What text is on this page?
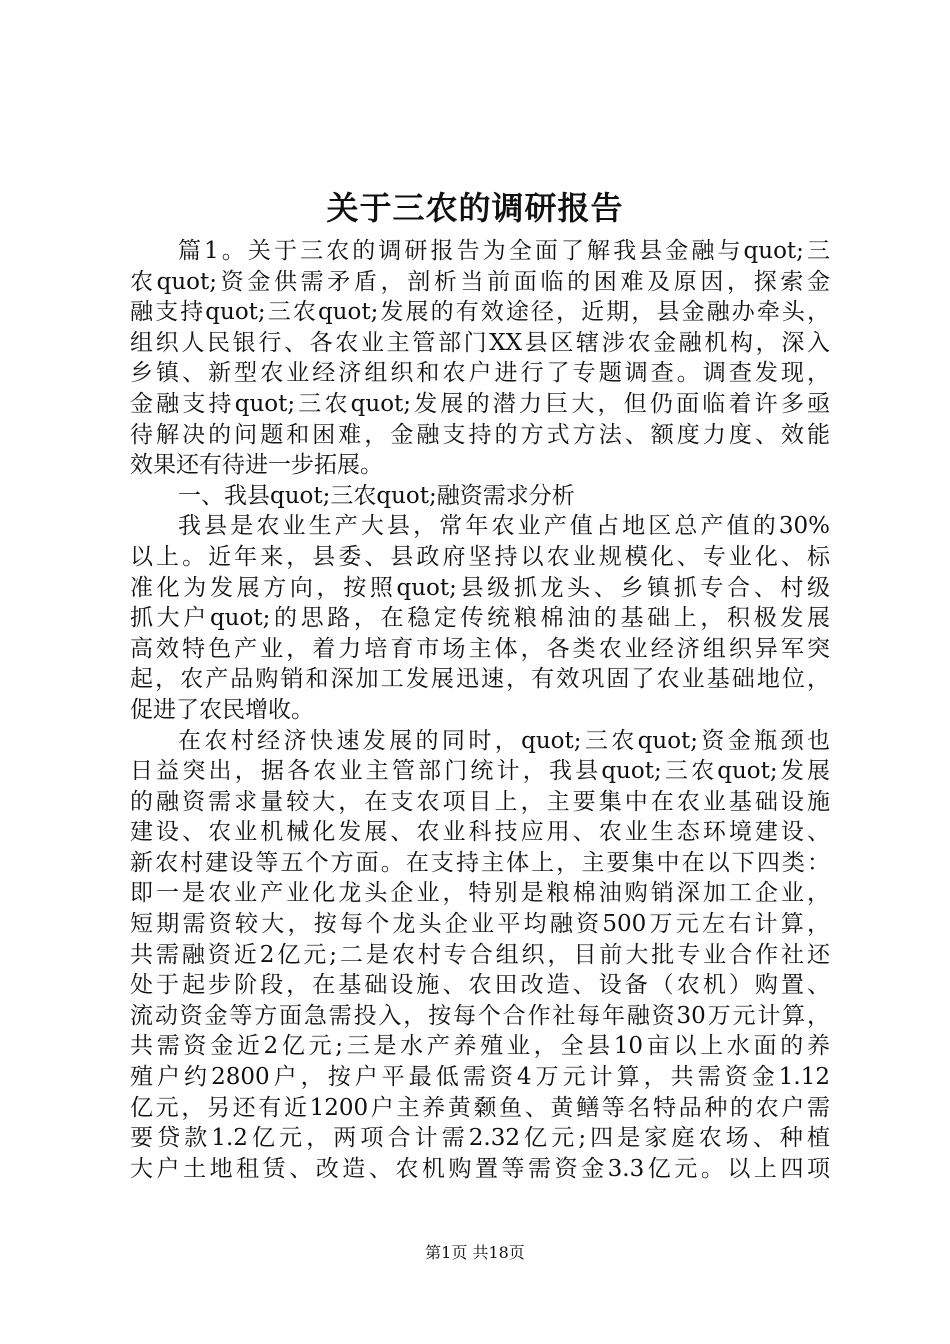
关于三农的调研报告
篇1。关于三农的调研报告为全面了解我县金融与quot;三
农quot;资金供需矛盾，剖析当前面临的困难及原因，探索金
融支持quot;三农quot;发展的有效途径，近期，县金融办牵头，
组织人民银行、各农业主管部门XX县区辖涉农金融机构，深入
乡镇、新型农业经济组织和农户进行了专题调查。调查发现，
金融支持quot;三农quot;发展的潜力巨大，但仍面临着许多亟
待解决的问题和困难，金融支持的方式方法、额度力度、效能
效果还有待进一步拓展。
一、我县quot;三农quot;融资需求分析
我县是农业生产大县，常年农业产值占地区总产值的30%
以上。近年来，县委、县政府坚持以农业规模化、专业化、标
准化为发展方向，按照quot;县级抓龙头、乡镇抓专合、村级
抓大户quot;的思路，在稳定传统粮棉油的基础上，积极发展
高效特色产业，着力培育市场主体，各类农业经济组织异军突
起，农产品购销和深加工发展迅速，有效巩固了农业基础地位，
促进了农民增收。
在农村经济快速发展的同时，quot;三农quot;资金瓶颈也
日益突出，据各农业主管部门统计，我县quot;三农quot;发展
的融资需求量较大，在支农项目上，主要集中在农业基础设施
建设、农业机械化发展、农业科技应用、农业生态环境建设、
新农村建设等五个方面。在支持主体上，主要集中在以下四类：
即一是农业产业化龙头企业，特别是粮棉油购销深加工企业，
短期需资较大，按每个龙头企业平均融资500万元左右计算，
共需融资近2亿元;二是农村专合组织，目前大批专业合作社还
处于起步阶段，在基础设施、农田改造、设备（农机）购置、
流动资金等方面急需投入，按每个合作社每年融资30万元计算，
共需资金近2亿元;三是水产养殖业，全县10亩以上水面的养
殖户约2800户，按户平最低需资4万元计算，共需资金1.12
亿元，另还有近1200户主养黄颡鱼、黄鳝等名特品种的农户需
要贷款1.2亿元，两项合计需2.32亿元;四是家庭农场、种植
大户土地租赁、改造、农机购置等需资金3.3亿元。以上四项
第1页 共18页
